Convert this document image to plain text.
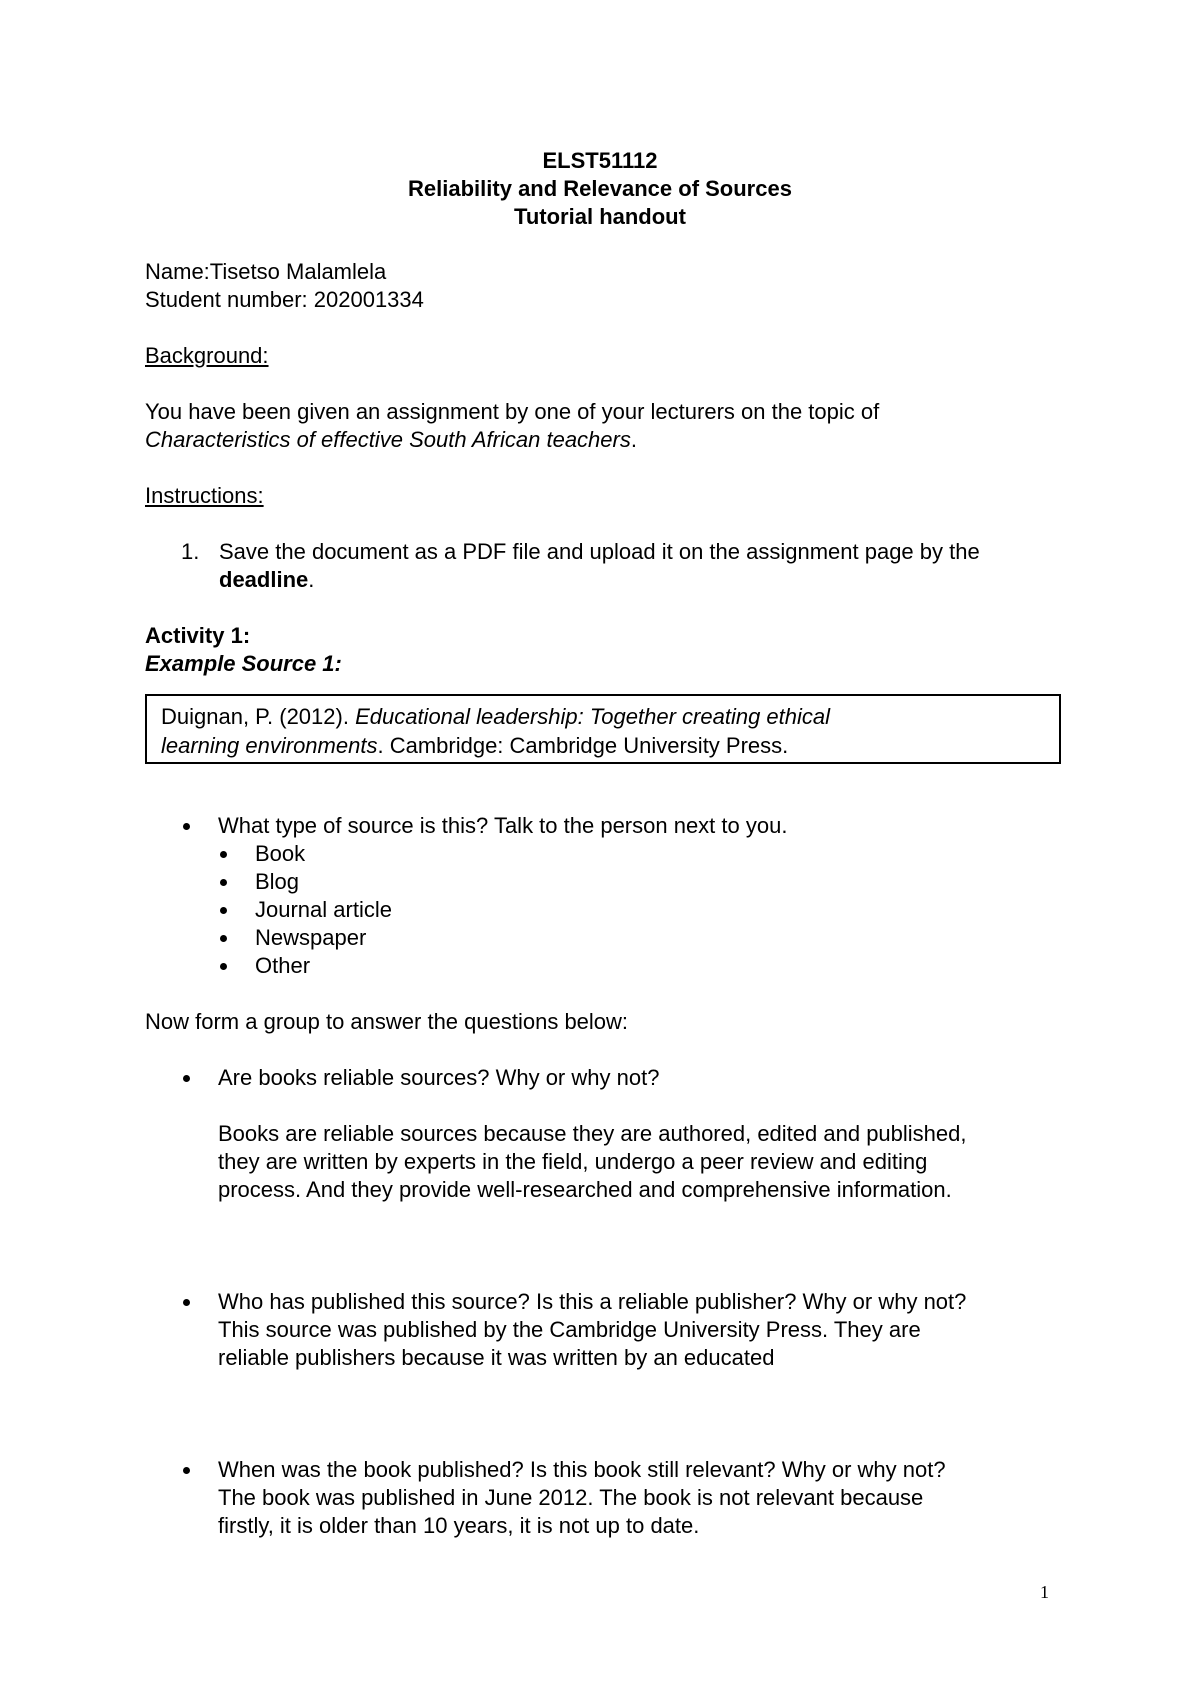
ELST51112
Reliability and Relevance of Sources
Tutorial handout

Name:Tisetso Malamlela

Student number: 202001334

Background:
You have been given an assignment by one of your lecturers on the topic of
Characteristics of effective South African teachers.
Instructions:
1. Save the document as a PDF file and upload it on the assignment page by the
deadline.

Activity 1:

Example Source 1:

Duignan, P. (2012). Educational leadership: Together creating ethical
learning environments. Cambridge: Cambridge University Press.
What type of source is this? Talk to the person next to you.
Book
Blog
Journal article
Newspaper
Other
Now form a group to answer the questions below:
Are books reliable sources? Why or why not?

Books are reliable sources because they are authored, edited and published,

they are written by experts in the field, undergo a peer review and editing

process. And they provide well-researched and comprehensive information.

Who has published this source? Is this a reliable publisher? Why or why not?

This source was published by the Cambridge University Press. They are

reliable publishers because it was written by an educated

When was the book published? Is this book still relevant? Why or why not?

The book was published in June 2012. The book is not relevant because

firstly, it is older than 10 years, it is not up to date.

1
